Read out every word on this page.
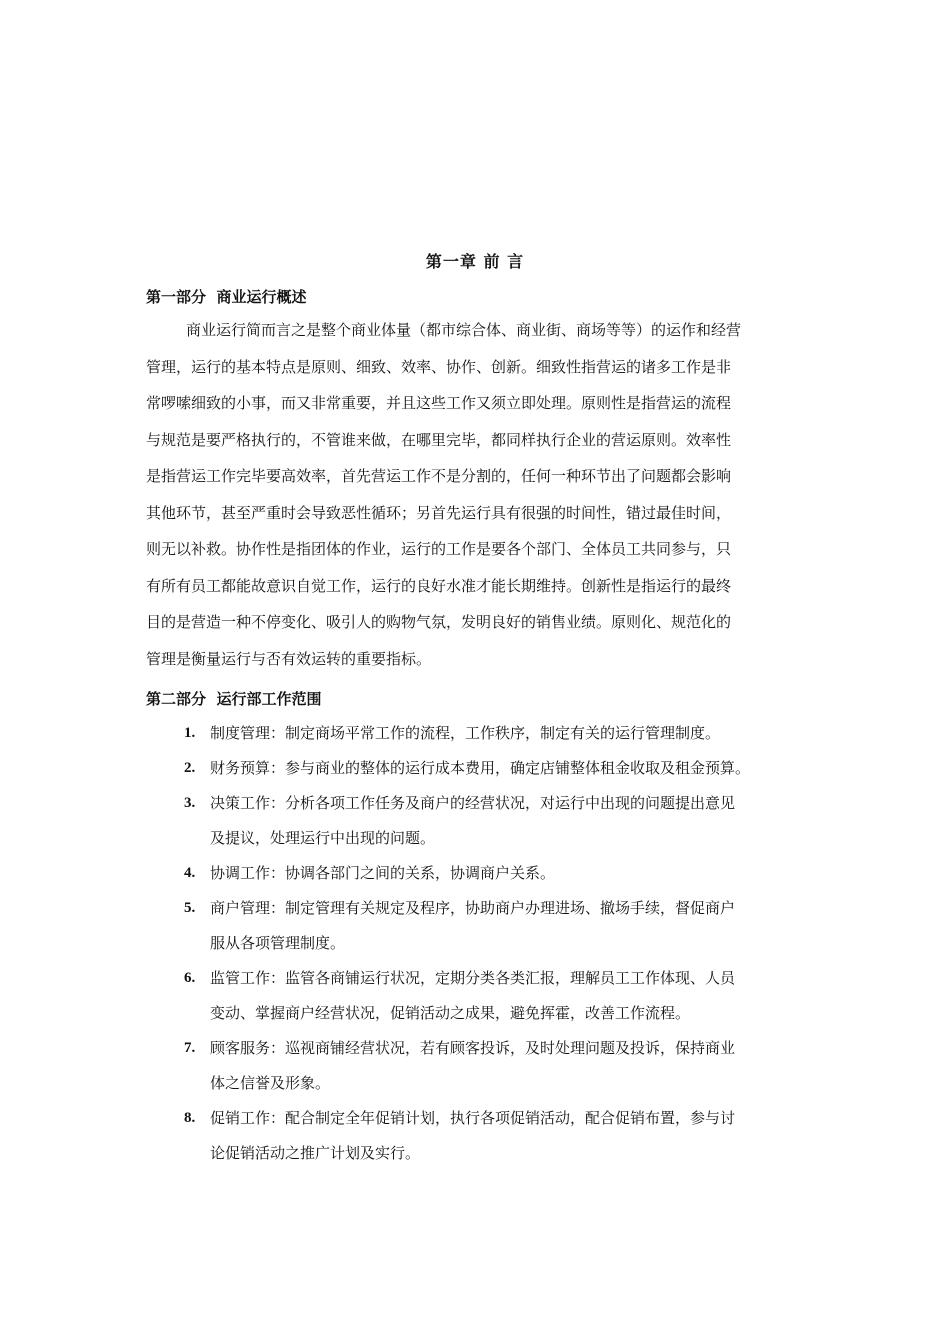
第一章 前 言
第一部分  商业运行概述
商业运行简而言之是整个商业体量（都市综合体、商业街、商场等等）的运作和经营
管理，运行的基本特点是原则、细致、效率、协作、创新。细致性指营运的诸多工作是非
常啰嗦细致的小事，而又非常重要，并且这些工作又须立即处理。原则性是指营运的流程
与规范是要严格执行的，不管谁来做，在哪里完毕，都同样执行企业的营运原则。效率性
是指营运工作完毕要高效率，首先营运工作不是分割的，任何一种环节出了问题都会影响
其他环节，甚至严重时会导致恶性循环；另首先运行具有很强的时间性，错过最佳时间，
则无以补救。协作性是指团体的作业，运行的工作是要各个部门、全体员工共同参与，只
有所有员工都能故意识自觉工作，运行的良好水准才能长期维持。创新性是指运行的最终
目的是营造一种不停变化、吸引人的购物气氛，发明良好的销售业绩。原则化、规范化的
管理是衡量运行与否有效运转的重要指标。
第二部分  运行部工作范围
1. 制度管理：制定商场平常工作的流程，工作秩序，制定有关的运行管理制度。
2. 财务预算：参与商业的整体的运行成本费用，确定店铺整体租金收取及租金预算。
3. 决策工作：分析各项工作任务及商户的经营状况，对运行中出现的问题提出意见
及提议，处理运行中出现的问题。
4. 协调工作：协调各部门之间的关系，协调商户关系。
5. 商户管理：制定管理有关规定及程序，协助商户办理进场、撤场手续，督促商户
服从各项管理制度。
6. 监管工作：监管各商铺运行状况，定期分类各类汇报，理解员工工作体现、人员
变动、掌握商户经营状况，促销活动之成果，避免挥霍，改善工作流程。
7. 顾客服务：巡视商铺经营状况，若有顾客投诉，及时处理问题及投诉，保持商业
体之信誉及形象。
8. 促销工作：配合制定全年促销计划，执行各项促销活动，配合促销布置，参与讨
论促销活动之推广计划及实行。
